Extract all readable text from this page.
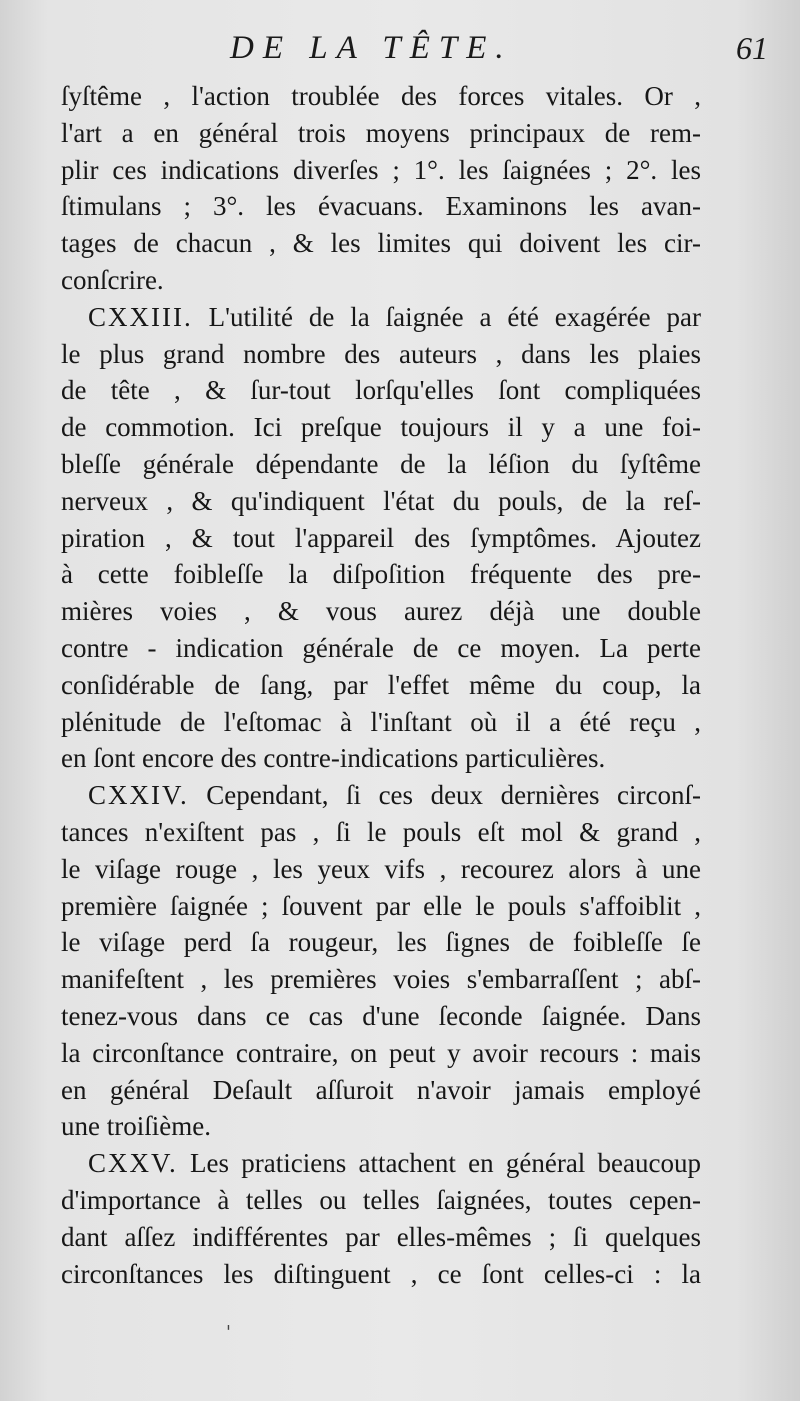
DE LA TÊTE.	61
ſyſtême , l'action troublée des forces vitales. Or ,
l'art a en général trois moyens principaux de rem-
plir ces indications diverſes ; 1°. les ſaignées ; 2°. les
ſtimulans ; 3°. les évacuans. Examinons les avan-
tages de chacun , & les limites qui doivent les cir-
conſcrire.
CXXIII. L'utilité de la ſaignée a été exagérée par
le plus grand nombre des auteurs , dans les plaies
de tête , & ſur-tout lorſqu'elles ſont compliquées
de commotion. Ici preſque toujours il y a une foi-
bleſſe générale dépendante de la léſion du ſyſtême
nerveux , & qu'indiquent l'état du pouls, de la reſ-
piration , & tout l'appareil des ſymptômes. Ajoutez
à cette foibleſſe la diſpoſition fréquente des pre-
mières voies , & vous aurez déjà une double
contre - indication générale de ce moyen. La perte
conſidérable de ſang, par l'effet même du coup, la
plénitude de l'eſtomac à l'inſtant où il a été reçu ,
en ſont encore des contre-indications particulières.
CXXIV. Cependant, ſi ces deux dernières circonſ-
tances n'exiſtent pas , ſi le pouls eſt mol & grand ,
le viſage rouge , les yeux vifs , recourez alors à une
première ſaignée ; ſouvent par elle le pouls s'affoiblit ,
le viſage perd ſa rougeur, les ſignes de foibleſſe ſe
manifeſtent , les premières voies s'embarraſſent ; abſ-
tenez-vous dans ce cas d'une ſeconde ſaignée. Dans
la circonſtance contraire, on peut y avoir recours : mais
en général Deſault aſſuroit n'avoir jamais employé
une troiſième.
CXXV. Les praticiens attachent en général beaucoup
d'importance à telles ou telles ſaignées, toutes cepen-
dant aſſez indifférentes par elles-mêmes ; ſi quelques
circonſtances les diſtinguent , ce ſont celles-ci : la
'
